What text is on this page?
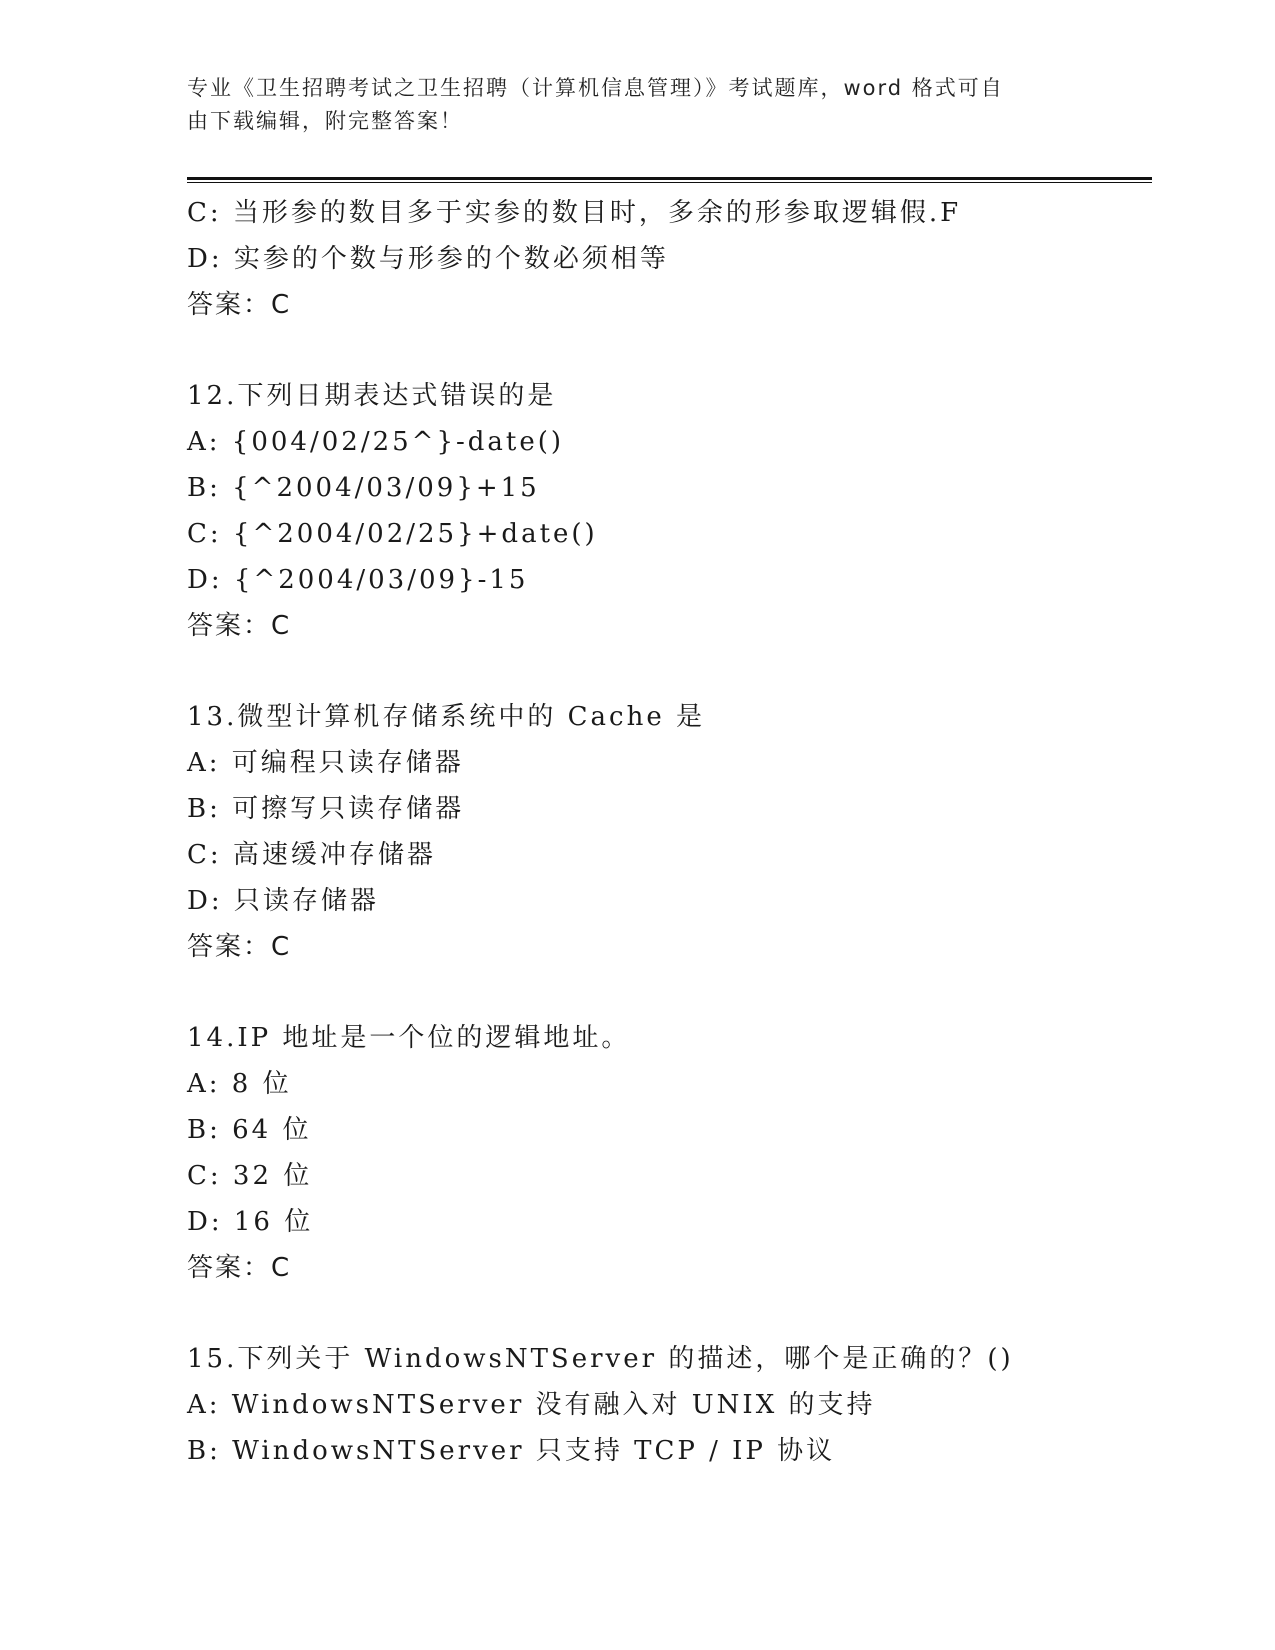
专业《卫生招聘考试之卫生招聘（计算机信息管理）》考试题库，word 格式可自
由下载编辑，附完整答案！
C: 当形参的数目多于实参的数目时，多余的形参取逻辑假.F
D: 实参的个数与形参的个数必须相等
答案：C
12.下列日期表达式错误的是
A: {004/02/25^}-date()
B: {^2004/03/09}+15
C: {^2004/02/25}+date()
D: {^2004/03/09}-15
答案：C
13.微型计算机存储系统中的 Cache 是
A: 可编程只读存储器
B: 可擦写只读存储器
C: 高速缓冲存储器
D: 只读存储器
答案：C
14.IP 地址是一个位的逻辑地址。
A: 8 位
B: 64 位
C: 32 位
D: 16 位
答案：C
15.下列关于 WindowsNTServer 的描述，哪个是正确的？()
A: WindowsNTServer 没有融入对 UNIX 的支持
B: WindowsNTServer 只支持 TCP / IP 协议
